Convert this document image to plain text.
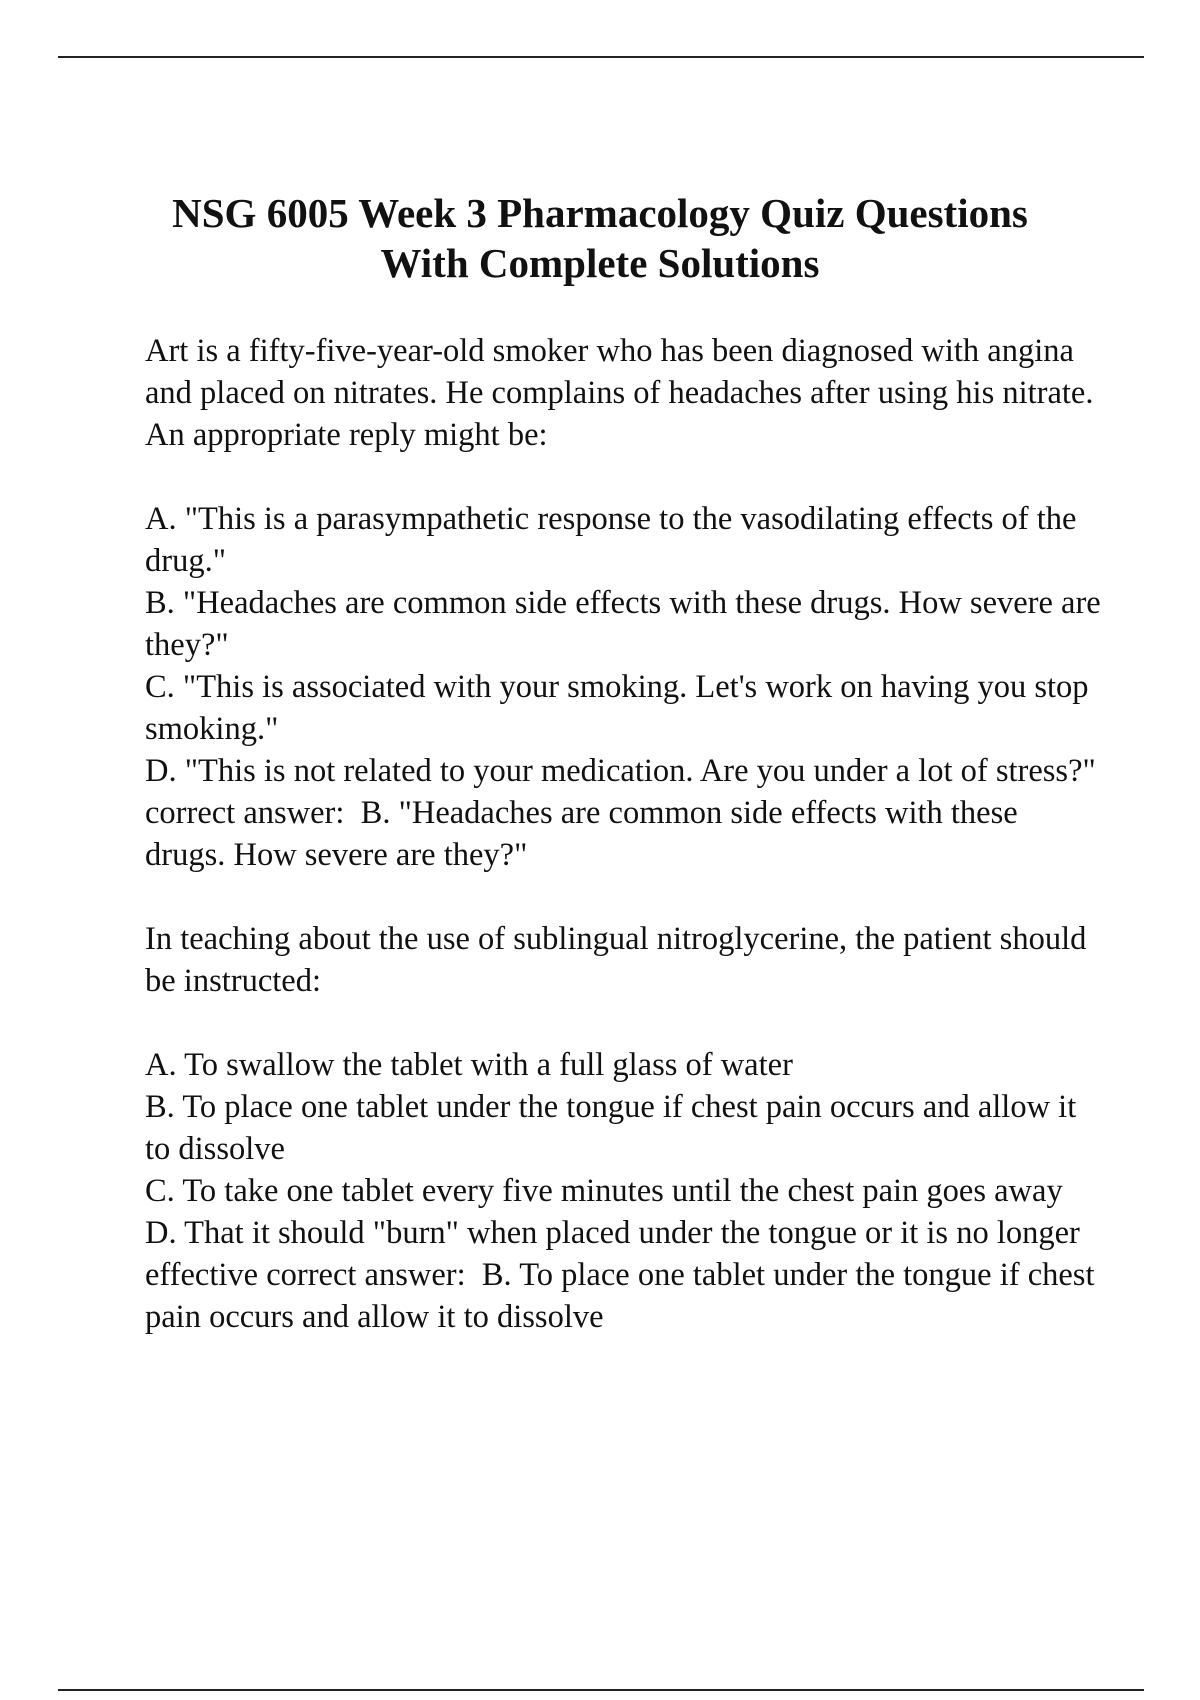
NSG 6005 Week 3 Pharmacology Quiz Questions
With Complete Solutions

Art is a fifty-five-year-old smoker who has been diagnosed with angina and placed on nitrates. He complains of headaches after using his nitrate. An appropriate reply might be:

A. "This is a parasympathetic response to the vasodilating effects of the drug."

B. "Headaches are common side effects with these drugs. How severe are they?"

C. "This is associated with your smoking. Let's work on having you stop smoking."

D. "This is not related to your medication. Are you under a lot of stress?" correct answer:  B. "Headaches are common side effects with these drugs. How severe are they?"

In teaching about the use of sublingual nitroglycerine, the patient should be instructed:

A. To swallow the tablet with a full glass of water

B. To place one tablet under the tongue if chest pain occurs and allow it to dissolve

C. To take one tablet every five minutes until the chest pain goes away

D. That it should "burn" when placed under the tongue or it is no longer effective correct answer:  B. To place one tablet under the tongue if chest pain occurs and allow it to dissolve
